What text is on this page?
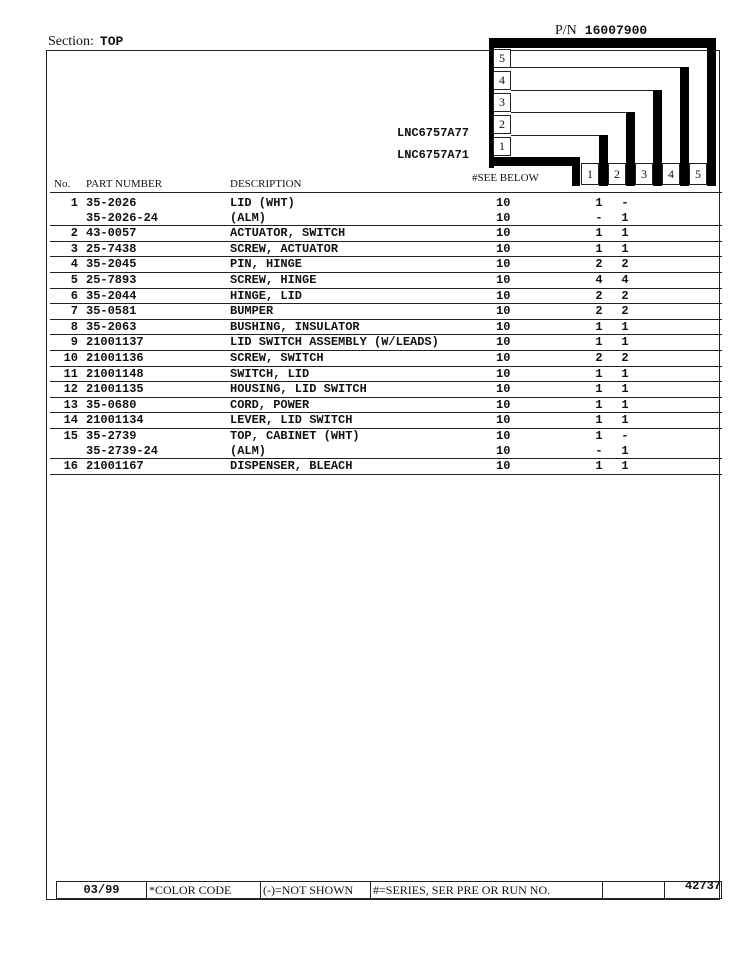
Section: TOP
P/N 16007900
5
4
3
2
1
1	2	3	4	5
LNC6757A77
LNC6757A71
No. PART NUMBER	DESCRIPTION	#SEE BELOW
1 35-2026	LID (WHT)	10	1 -
35-2026-24	(ALM)	10	- 1
2 43-0057	ACTUATOR, SWITCH	10	1 1
3 25-7438	SCREW, ACTUATOR	10	1 1
4 35-2045	PIN, HINGE	10	2 2
5 25-7893	SCREW, HINGE	10	4 4
6 35-2044	HINGE, LID	10	2 2
7 35-0581	BUMPER	10	2 2
8 35-2063	BUSHING, INSULATOR	10	1 1
9 21001137	LID SWITCH ASSEMBLY (W/LEADS)	10	1 1
10 21001136	SCREW, SWITCH	10	2 2
11 21001148	SWITCH, LID	10	1 1
12 21001135	HOUSING, LID SWITCH	10	1 1
13 35-0680	CORD, POWER	10	1 1
14 21001134	LEVER, LID SWITCH	10	1 1
15 35-2739	TOP, CABINET (WHT)	10	1 -
35-2739-24	(ALM)	10	- 1
16 21001167	DISPENSER, BLEACH	10	1 1
03/99	*COLOR CODE	(-)=NOT SHOWN	#=SERIES, SER PRE OR RUN NO.	42737
